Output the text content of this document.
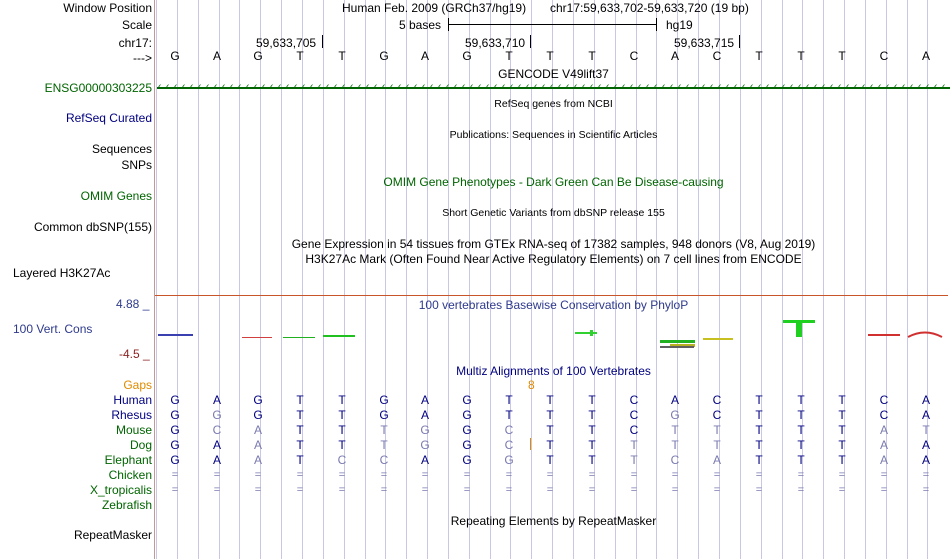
Window Position
Scale
chr17:
--->
Human Feb. 2009 (GRCh37/hg19) chr17:59,633,702-59,633,720 (19 bp)
5 bases	hg19
59,633,705	59,633,710	59,633,715
G	A	G	T	T	G	A	G	T	T	T	C	A	C	T	T	T	C	A
GENCODE V49lift37
ENSG00000303225 ‹ ‹ ‹ ‹ ‹ ‹ ‹ ‹ ‹ ‹ ‹ ‹ ‹ ‹ ‹ ‹ ‹ ‹ ‹ ‹ ‹ ‹ ‹ ‹ ‹ ‹ ‹ ‹ ‹ ‹ ‹ ‹ ‹ ‹ ‹ ‹ ‹ ‹ ‹ ‹ ‹ ‹ ‹ ‹ ‹ ‹ ‹ ‹ ‹ ‹ ‹ ‹ ‹ ‹ ‹ ‹ ‹ ‹ ‹ ‹ ‹ ‹ ‹ ‹ ‹ ‹ ‹ ‹ ‹ ‹ ‹ ‹ ‹ ‹ ‹ ‹ ‹ ‹ ‹ ‹ ‹ ‹ ‹ ‹ ‹ ‹ ‹ ‹ ‹ ‹ ‹ ‹ ‹ ‹ ‹ ‹ ‹ ‹ ‹
RefSeq genes from NCBI
RefSeq Curated
Publications: Sequences in Scientific Articles
Sequences
SNPs
OMIM Gene Phenotypes - Dark Green Can Be Disease-causing
OMIM Genes
Short Genetic Variants from dbSNP release 155
Common dbSNP(155)
Gene Expression in 54 tissues from GTEx RNA-seq of 17382 samples, 948 donors (V8, Aug 2019)
H3K27Ac Mark (Often Found Near Active Regulatory Elements) on 7 cell lines from ENCODE
Layered H3K27Ac
100 vertebrates Basewise Conservation by PhyloP
4.88 _
100 Vert. Cons
-4.5 _
Multiz Alignments of 100 Vertebrates
Gaps	8
Human	G	A	G	T	T	G	A	G	T	T	T	C	A	C	T	T	T	C	A
Rhesus	G	G	G	T	T	G	A	G	T	T	T	C	G	C	T	T	T	C	A
Mouse	G	C	A	T	T	T	G	G	C	T	T	C	T	T	T	T	T	A	T
Dog	G	A	A	T	T	T	G	G	C	T	T	T	T	T	T	T	T	A	A
Elephant	G	A	A	T	C	C	A	G	G	T	T	T	C	A	T	T	T	A	A
Chicken	=	=	=	=	=	=	=	=	=	=	=	=	=	=	=	=	=	=	=
X_tropicalis	=	=	=	=	=	=	=	=	=	=	=	=	=	=	=	=	=	=	=
Zebrafish
Repeating Elements by RepeatMasker
RepeatMasker
